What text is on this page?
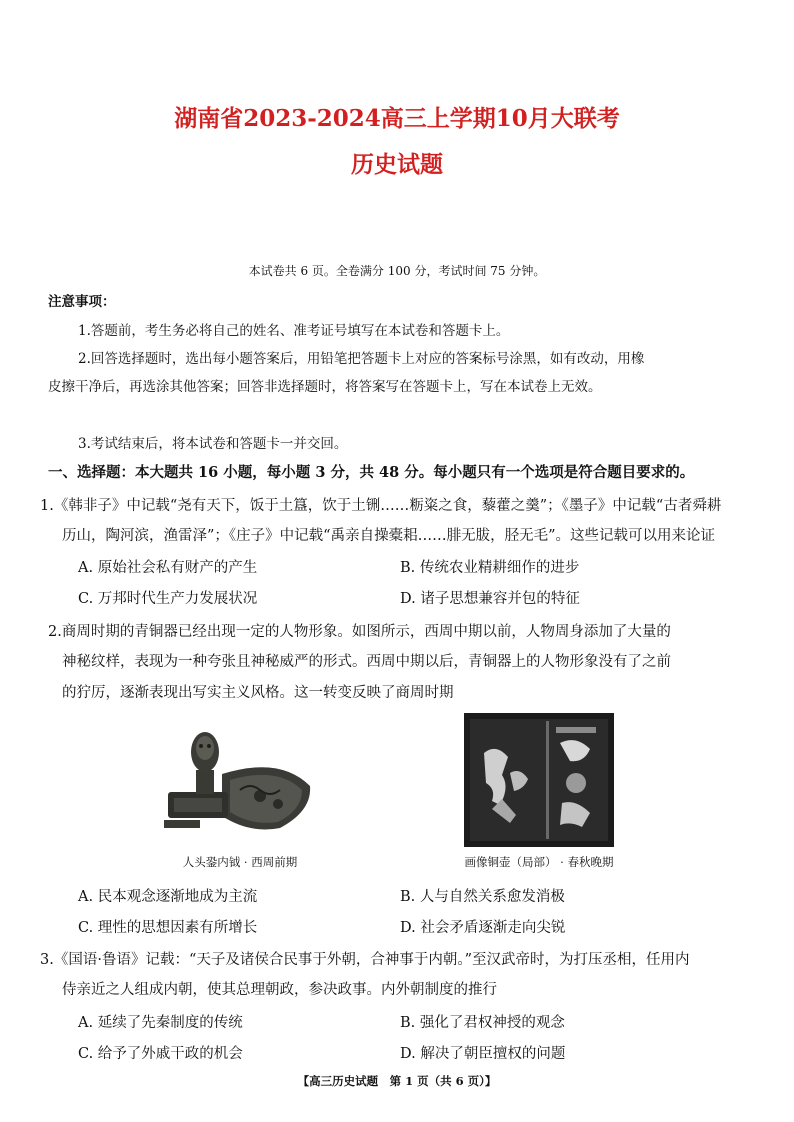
湖南省2023-2024高三上学期10月大联考
历史试题
本试卷共 6 页。全卷满分 100 分，考试时间 75 分钟。
注意事项：
1.答题前，考生务必将自己的姓名、准考证号填写在本试卷和答题卡上。
2.回答选择题时，选出每小题答案后，用铅笔把答题卡上对应的答案标号涂黑，如有改动，用橡
皮擦干净后，再选涂其他答案；回答非选择题时，将答案写在答题卡上，写在本试卷上无效。
3.考试结束后，将本试卷和答题卡一并交回。
一、选择题：本大题共 16 小题，每小题 3 分，共 48 分。每小题只有一个选项是符合题目要求的。
1.《韩非子》中记载“尧有天下，饭于土簋，饮于土铏……粝粢之食，藜藿之羹”；《墨子》中记载“古者舜耕
历山，陶河滨，渔雷泽”；《庄子》中记载“禹亲自操橐耜……腓无胈，胫无毛”。这些记载可以用来论证
A. 原始社会私有财产的产生	B. 传统农业精耕细作的进步
C. 万邦时代生产力发展状况	D. 诸子思想兼容并包的特征
2.商周时期的青铜器已经出现一定的人物形象。如图所示，西周中期以前，人物周身添加了大量的
神秘纹样，表现为一种夸张且神秘威严的形式。西周中期以后，青铜器上的人物形象没有了之前
的狞厉，逐渐表现出写实主义风格。这一转变反映了商周时期
人头銎内钺 · 西周前期	画像铜壶（局部） · 春秋晚期
A. 民本观念逐渐地成为主流	B. 人与自然关系愈发消极
C. 理性的思想因素有所增长	D. 社会矛盾逐渐走向尖锐
3.《国语·鲁语》记载：“天子及诸侯合民事于外朝，合神事于内朝。”至汉武帝时，为打压丞相，任用内
侍亲近之人组成内朝，使其总理朝政，参决政事。内外朝制度的推行
A. 延续了先秦制度的传统	B. 强化了君权神授的观念
C. 给予了外戚干政的机会	D. 解决了朝臣擅权的问题
【高三历史试题　第 1 页（共 6 页）】
